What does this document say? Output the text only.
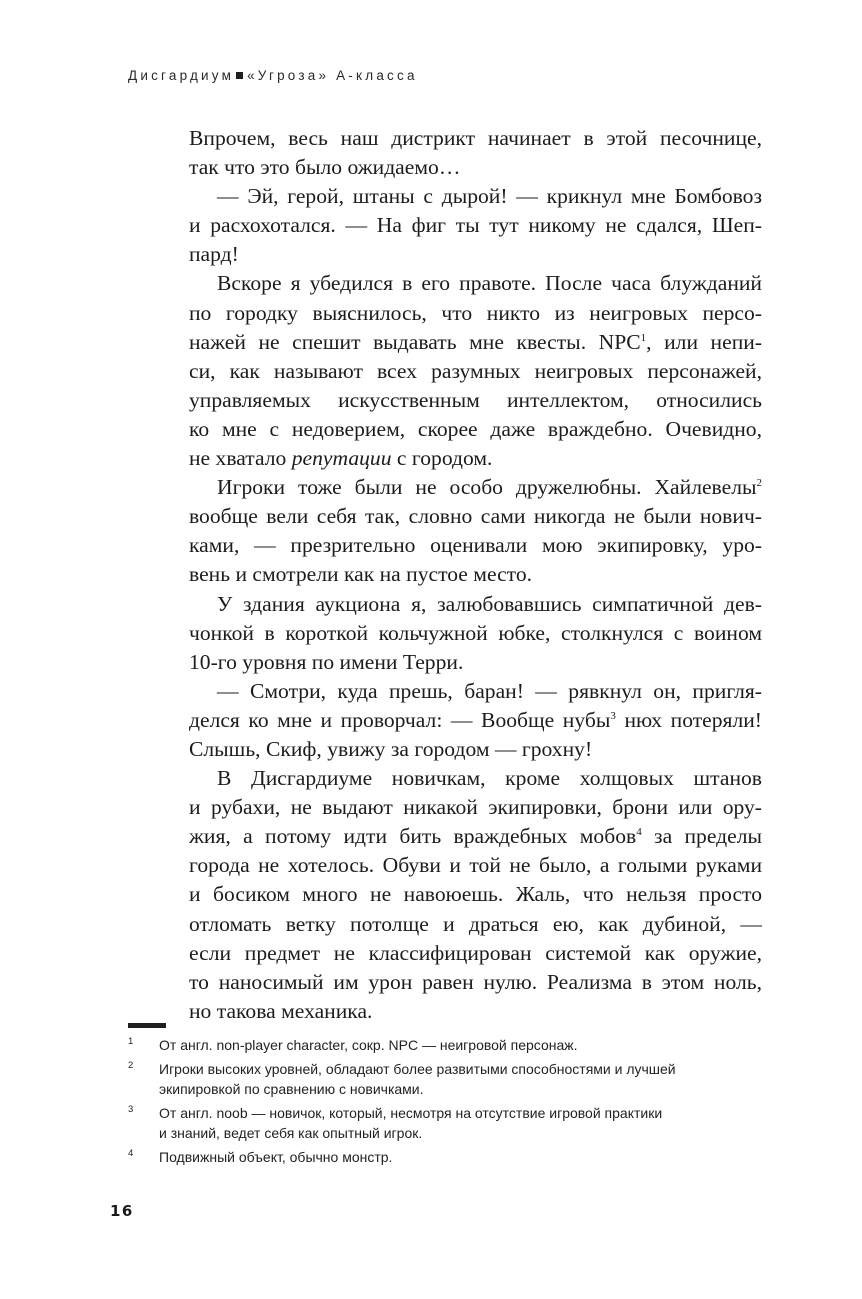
Дисгардиум «Угроза» А-класса
Впрочем, весь наш дистрикт начинает в этой песочнице,
так что это было ожидаемо…
— Эй, герой, штаны с дырой! — крикнул мне Бомбовоз
и расхохотался. — На фиг ты тут никому не сдался, Шеп-
пард!
Вскоре я убедился в его правоте. После часа блужданий
по городку выяснилось, что никто из неигровых персо-
нажей не спешит выдавать мне квесты. NPC$^1$, или непи-
си, как называют всех разумных неигровых персонажей,
управляемых искусственным интеллектом, относились
ко мне с недоверием, скорее даже враждебно. Очевидно,
не хватало репутации с городом.
Игроки тоже были не особо дружелюбны. Хайлевелы$^2$
вообще вели себя так, словно сами никогда не были нович-
ками, — презрительно оценивали мою экипировку, уро-
вень и смотрели как на пустое место.
У здания аукциона я, залюбовавшись симпатичной дев-
чонкой в короткой кольчужной юбке, столкнулся с воином
10-го уровня по имени Терри.
— Смотри, куда прешь, баран! — рявкнул он, пригля-
делся ко мне и проворчал: — Вообще нубы$^3$ нюх потеряли!
Слышь, Скиф, увижу за городом — грохну!
В Дисгардиуме новичкам, кроме холщовых штанов
и рубахи, не выдают никакой экипировки, брони или ору-
жия, а потому идти бить враждебных мобов$^4$ за пределы
города не хотелось. Обуви и той не было, а голыми руками
и босиком много не навоюешь. Жаль, что нельзя просто
отломать ветку потолще и драться ею, как дубиной, —
если предмет не классифицирован системой как оружие,
то наносимый им урон равен нулю. Реализма в этом ноль,
но такова механика.
1 От англ. non-player character, сокр. NPC — неигровой персонаж.
2 Игроки высоких уровней, обладают более развитыми способностями и лучшей
экипировкой по сравнению с новичками.
3 От англ. noob — новичок, который, несмотря на отсутствие игровой практики
и знаний, ведет себя как опытный игрок.
4 Подвижный объект, обычно монстр.
16
